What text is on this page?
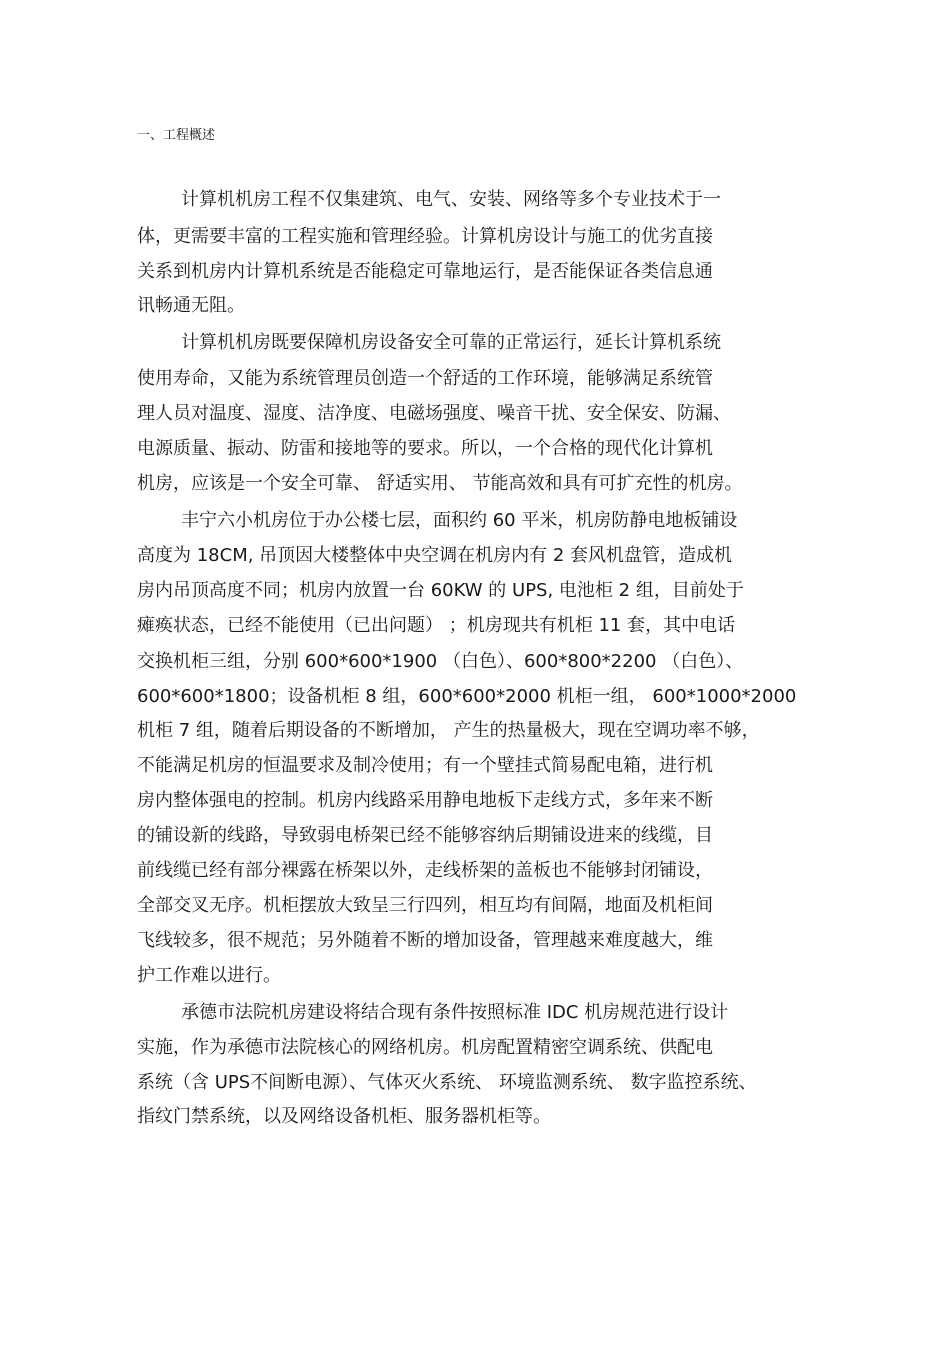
一、工程概述
计算机机房工程不仅集建筑、电气、安装、网络等多个专业技术于一
体，更需要丰富的工程实施和管理经验。计算机房设计与施工的优劣直接
关系到机房内计算机系统是否能稳定可靠地运行，是否能保证各类信息通
讯畅通无阻。
计算机机房既要保障机房设备安全可靠的正常运行，延长计算机系统
使用寿命，又能为系统管理员创造一个舒适的工作环境，能够满足系统管
理人员对温度、湿度、洁净度、电磁场强度、噪音干扰、安全保安、防漏、
电源质量、振动、防雷和接地等的要求。所以，一个合格的现代化计算机
机房，应该是一个安全可靠、 舒适实用、 节能高效和具有可扩充性的机房。
丰宁六小机房位于办公楼七层，面积约 60 平米，机房防静电地板铺设
高度为 18CM, 吊顶因大楼整体中央空调在机房内有 2 套风机盘管，造成机
房内吊顶高度不同；机房内放置一台 60KW 的 UPS, 电池柜 2 组，目前处于
瘫痪状态，已经不能使用（已出问题） ；机房现共有机柜 11 套，其中电话
交换机柜三组，分别 600*600*1900 （白色）、600*800*2200 （白色）、
600*600*1800；设备机柜 8 组，600*600*2000 机柜一组， 600*1000*2000
机柜 7 组，随着后期设备的不断增加， 产生的热量极大，现在空调功率不够，
不能满足机房的恒温要求及制冷使用；有一个壁挂式简易配电箱，进行机
房内整体强电的控制。机房内线路采用静电地板下走线方式，多年来不断
的铺设新的线路，导致弱电桥架已经不能够容纳后期铺设进来的线缆，目
前线缆已经有部分裸露在桥架以外，走线桥架的盖板也不能够封闭铺设，
全部交叉无序。机柜摆放大致呈三行四列，相互均有间隔，地面及机柜间
飞线较多，很不规范；另外随着不断的增加设备，管理越来难度越大，维
护工作难以进行。
承德市法院机房建设将结合现有条件按照标准 IDC 机房规范进行设计
实施，作为承德市法院核心的网络机房。机房配置精密空调系统、供配电
系统（含 UPS不间断电源）、气体灭火系统、 环境监测系统、 数字监控系统、
指纹门禁系统，以及网络设备机柜、服务器机柜等。
